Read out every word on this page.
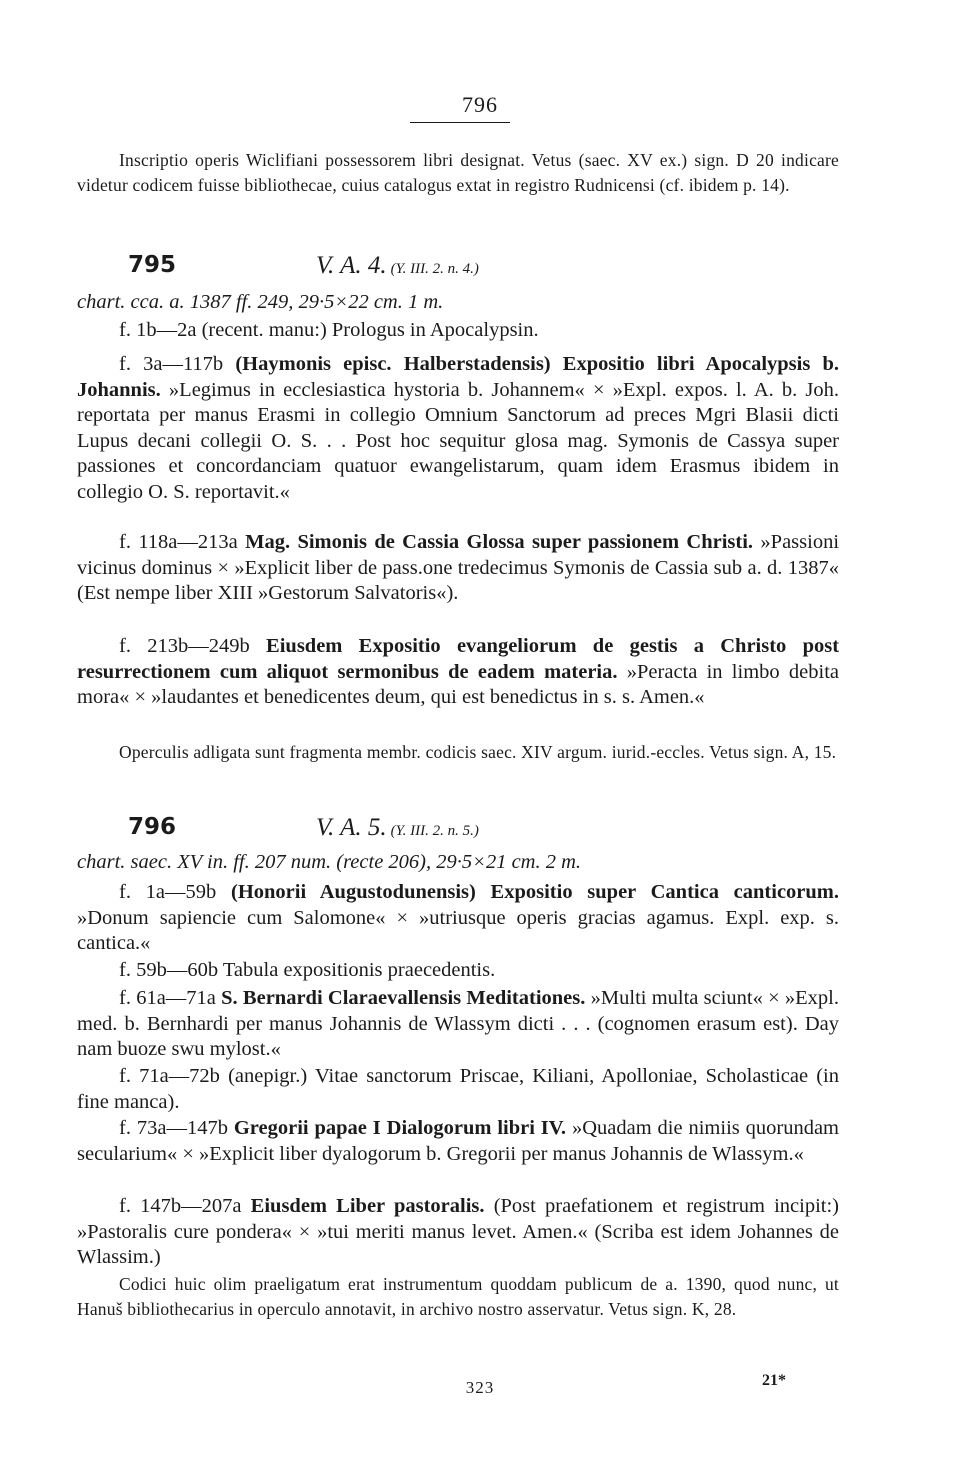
796
Inscriptio operis Wiclifiani possessorem libri designat. Vetus (saec. XV ex.) sign. D 20 indicare videtur codicem fuisse bibliothecae, cuius catalogus extat in registro Rudnicensi (cf. ibidem p. 14).
795	V. A. 4. (Y. III. 2. n. 4.)
chart. cca. a. 1387 ff. 249, 29·5×22 cm. 1 m.
f. 1b—2a (recent. manu:) Prologus in Apocalypsin.
f. 3a—117b (Haymonis episc. Halberstadensis) Expositio libri Apocalypsis b. Johannis. »Legimus in ecclesiastica hystoria b. Johannem« × »Expl. expos. l. A. b. Joh. reportata per manus Erasmi in collegio Omnium Sanctorum ad preces Mgri Blasii dicti Lupus decani collegii O. S. . . Post hoc sequitur glosa mag. Symonis de Cassya super passiones et concordanciam quatuor ewangelistarum, quam idem Erasmus ibidem in collegio O. S. reportavit.«
f. 118a—213a Mag. Simonis de Cassia Glossa super passionem Christi. »Passioni vicinus dominus × »Explicit liber de pass.one tredecimus Symonis de Cassia sub a. d. 1387« (Est nempe liber XIII »Gestorum Salvatoris«).
f. 213b—249b Eiusdem Expositio evangeliorum de gestis a Christo post resurrectionem cum aliquot sermonibus de eadem materia. »Peracta in limbo debita mora« × »laudantes et benedicentes deum, qui est benedictus in s. s. Amen.«
Operculis adligata sunt fragmenta membr. codicis saec. XIV argum. iurid.-eccles. Vetus sign. A, 15.
796	V. A. 5. (Y. III. 2. n. 5.)
chart. saec. XV in. ff. 207 num. (recte 206), 29·5×21 cm. 2 m.
f. 1a—59b (Honorii Augustodunensis) Expositio super Cantica canticorum. »Donum sapiencie cum Salomone« × »utriusque operis gracias agamus. Expl. exp. s. cantica.«
f. 59b—60b Tabula expositionis praecedentis.
f. 61a—71a S. Bernardi Claraevallensis Meditationes. »Multi multa sciunt« × »Expl. med. b. Bernhardi per manus Johannis de Wlassym dicti . . . (cognomen erasum est). Day nam buoze swu mylost.«
f. 71a—72b (anepigr.) Vitae sanctorum Priscae, Kiliani, Apolloniae, Scholasticae (in fine manca).
f. 73a—147b Gregorii papae I Dialogorum libri IV. »Quadam die nimiis quorundam secularium« × »Explicit liber dyalogorum b. Gregorii per manus Johannis de Wlassym.«
f. 147b—207a Eiusdem Liber pastoralis. (Post praefationem et registrum incipit:) »Pastoralis cure pondera« × »tui meriti manus levet. Amen.« (Scriba est idem Johannes de Wlassim.)
Codici huic olim praeligatum erat instrumentum quoddam publicum de a. 1390, quod nunc, ut Hanuš bibliothecarius in operculo annotavit, in archivo nostro asservatur. Vetus sign. K, 28.
323	21*
